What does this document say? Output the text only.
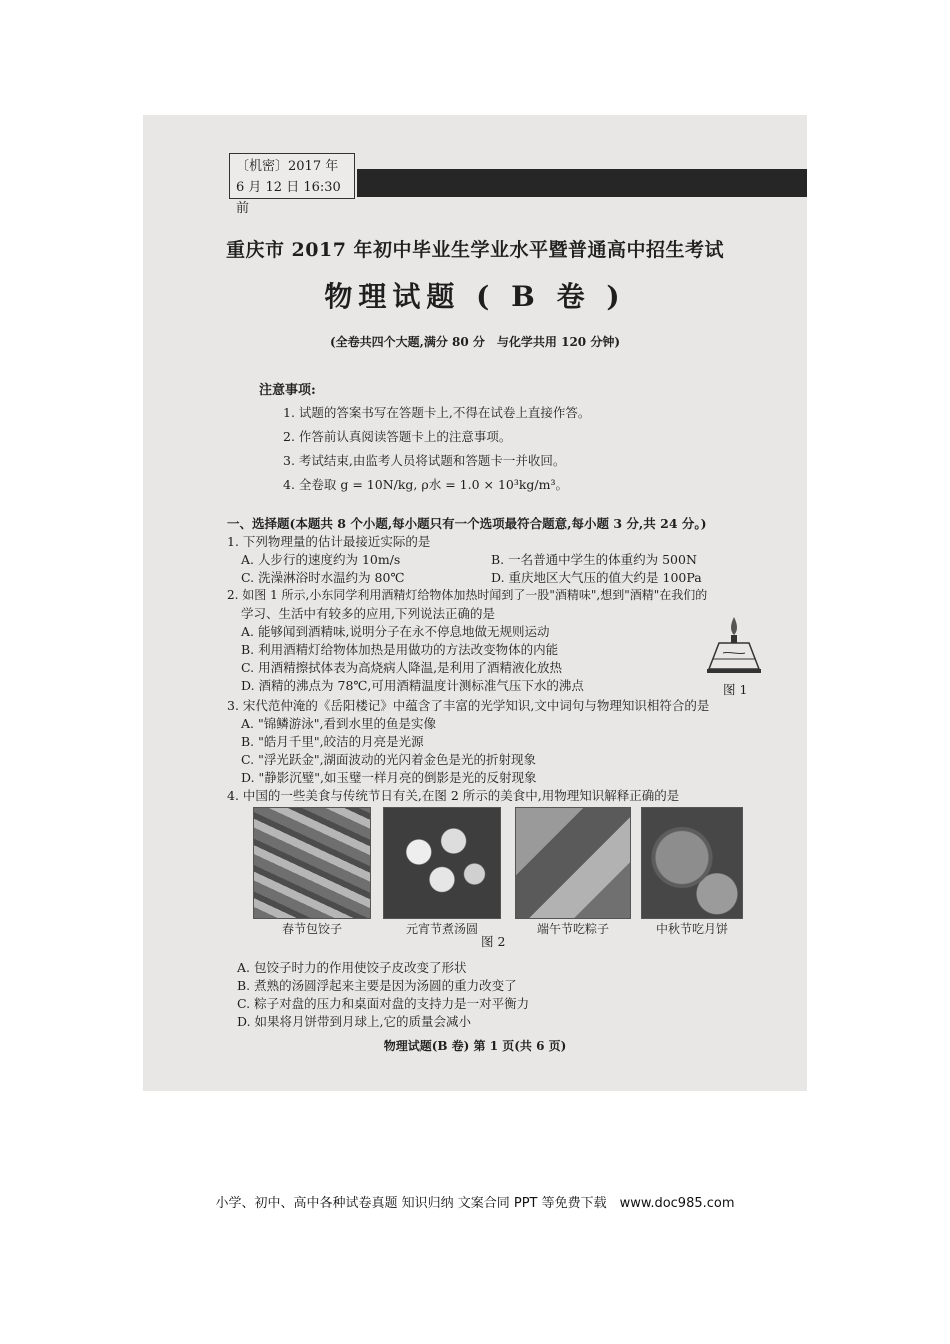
〔机密〕2017 年
6 月 12 日 16:30 前
重庆市 2017 年初中毕业生学业水平暨普通高中招生考试
物理试题 ( B 卷 )
(全卷共四个大题,满分 80 分　与化学共用 120 分钟)
注意事项:
1. 试题的答案书写在答题卡上,不得在试卷上直接作答。
2. 作答前认真阅读答题卡上的注意事项。
3. 考试结束,由监考人员将试题和答题卡一并收回。
4. 全卷取 g = 10N/kg, ρ水 = 1.0 × 10³kg/m³。
一、选择题(本题共 8 个小题,每小题只有一个选项最符合题意,每小题 3 分,共 24 分。)
1. 下列物理量的估计最接近实际的是
A. 人步行的速度约为 10m/s	B. 一名普通中学生的体重约为 500N
C. 洗澡淋浴时水温约为 80℃	D. 重庆地区大气压的值大约是 100Pa
2. 如图 1 所示,小东同学利用酒精灯给物体加热时闻到了一股"酒精味",想到"酒精"在我们的
学习、生活中有较多的应用,下列说法正确的是
A. 能够闻到酒精味,说明分子在永不停息地做无规则运动
B. 利用酒精灯给物体加热是用做功的方法改变物体的内能
C. 用酒精擦拭体表为高烧病人降温,是利用了酒精液化放热
D. 酒精的沸点为 78℃,可用酒精温度计测标准气压下水的沸点	图 1
3. 宋代范仲淹的《岳阳楼记》中蕴含了丰富的光学知识,文中词句与物理知识相符合的是
A. "锦鳞游泳",看到水里的鱼是实像
B. "皓月千里",皎洁的月亮是光源
C. "浮光跃金",湖面波动的光闪着金色是光的折射现象
D. "静影沉璧",如玉璧一样月亮的倒影是光的反射现象
4. 中国的一些美食与传统节日有关,在图 2 所示的美食中,用物理知识解释正确的是
春节包饺子	元宵节煮汤圆	端午节吃粽子	中秋节吃月饼
图 2
A. 包饺子时力的作用使饺子皮改变了形状
B. 煮熟的汤圆浮起来主要是因为汤圆的重力改变了
C. 粽子对盘的压力和桌面对盘的支持力是一对平衡力
D. 如果将月饼带到月球上,它的质量会减小
物理试题(B 卷) 第 1 页(共 6 页)
小学、初中、高中各种试卷真题 知识归纳 文案合同 PPT 等免费下载　www.doc985.com
